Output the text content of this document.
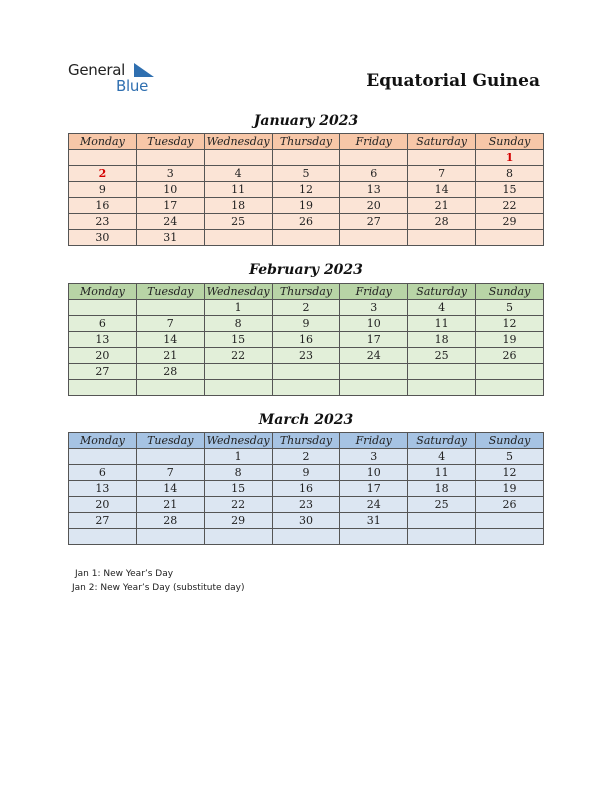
General
Blue	Equatorial Guinea
January 2023
Monday	Tuesday	Wednesday	Thursday	Friday	Saturday	Sunday
						1
2	3	4	5	6	7	8
9	10	11	12	13	14	15
16	17	18	19	20	21	22
23	24	25	26	27	28	29
30	31					
February 2023
Monday	Tuesday	Wednesday	Thursday	Friday	Saturday	Sunday
		1	2	3	4	5
6	7	8	9	10	11	12
13	14	15	16	17	18	19
20	21	22	23	24	25	26
27	28					

March 2023
Monday	Tuesday	Wednesday	Thursday	Friday	Saturday	Sunday
		1	2	3	4	5
6	7	8	9	10	11	12
13	14	15	16	17	18	19
20	21	22	23	24	25	26
27	28	29	30	31		

Jan 1: New Year’s Day
Jan 2: New Year’s Day (substitute day)
